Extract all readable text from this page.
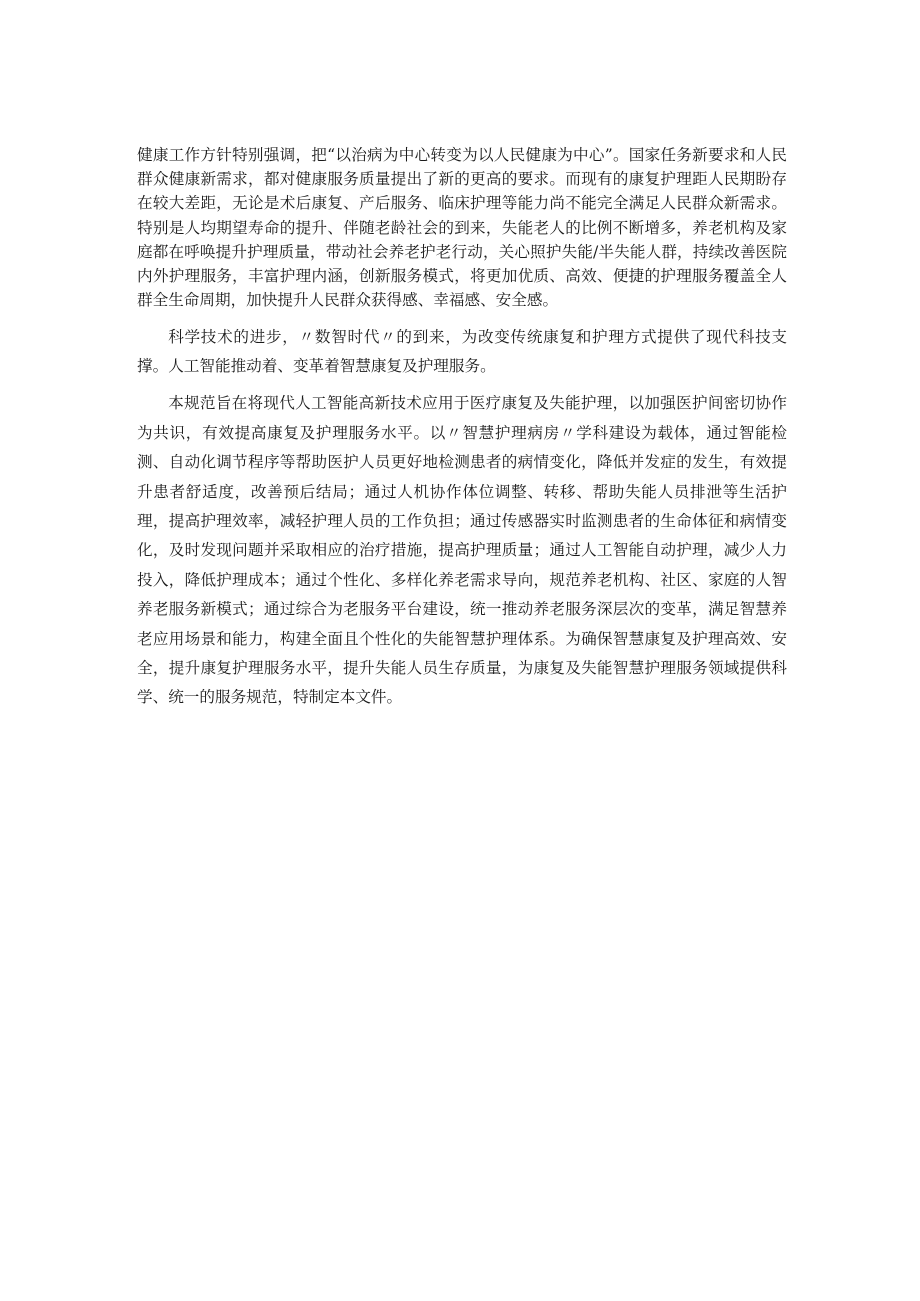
健康工作方针特别强调，把“以治病为中心转变为以人民健康为中心”。国家任务新要求和人民群众健康新需求，都对健康服务质量提出了新的更高的要求。而现有的康复护理距人民期盼存在较大差距，无论是术后康复、产后服务、临床护理等能力尚不能完全满足人民群众新需求。特别是人均期望寿命的提升、伴随老龄社会的到来，失能老人的比例不断增多，养老机构及家庭都在呼唤提升护理质量，带动社会养老护老行动，关心照护失能/半失能人群，持续改善医院内外护理服务，丰富护理内涵，创新服务模式，将更加优质、高效、便捷的护理服务覆盖全人群全生命周期，加快提升人民群众获得感、幸福感、安全感。

科学技术的进步，〃数智时代〃的到来，为改变传统康复和护理方式提供了现代科技支撑。人工智能推动着、变革着智慧康复及护理服务。

本规范旨在将现代人工智能高新技术应用于医疗康复及失能护理，以加强医护间密切协作为共识，有效提高康复及护理服务水平。以〃智慧护理病房〃学科建设为载体，通过智能检测、自动化调节程序等帮助医护人员更好地检测患者的病情变化，降低并发症的发生，有效提升患者舒适度，改善预后结局；通过人机协作体位调整、转移、帮助失能人员排泄等生活护理，提高护理效率，减轻护理人员的工作负担；通过传感器实时监测患者的生命体征和病情变化，及时发现问题并采取相应的治疗措施，提高护理质量；通过人工智能自动护理，减少人力投入，降低护理成本；通过个性化、多样化养老需求导向，规范养老机构、社区、家庭的人智养老服务新模式；通过综合为老服务平台建设，统一推动养老服务深层次的变革，满足智慧养老应用场景和能力，构建全面且个性化的失能智慧护理体系。为确保智慧康复及护理高效、安全，提升康复护理服务水平，提升失能人员生存质量，为康复及失能智慧护理服务领域提供科学、统一的服务规范，特制定本文件。
